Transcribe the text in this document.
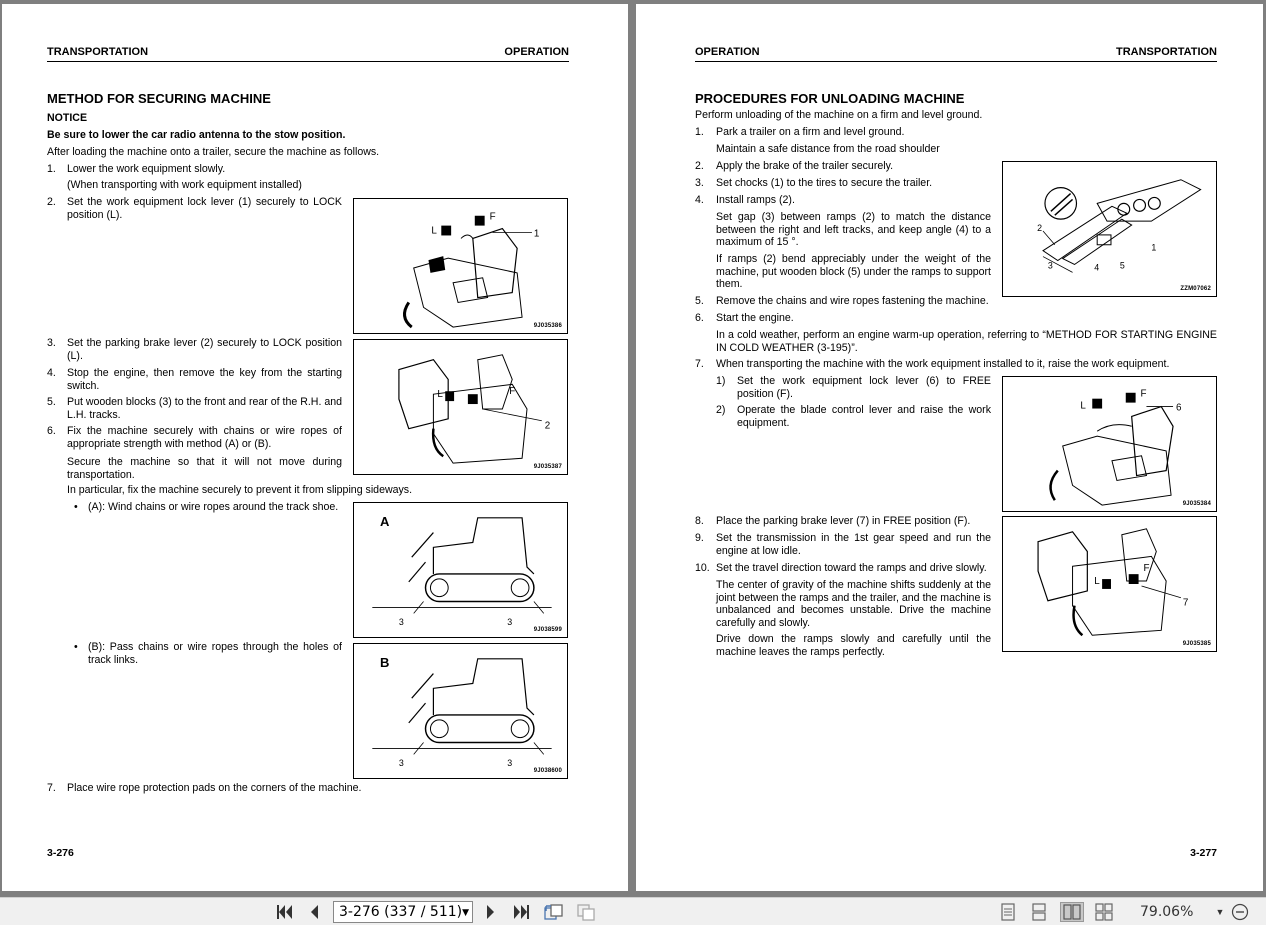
TRANSPORTATION	OPERATION
METHOD FOR SECURING MACHINE
NOTICE
Be sure to lower the car radio antenna to the stow position.
After loading the machine onto a trailer, secure the machine as follows.
1. Lower the work equipment slowly.
(When transporting with work equipment installed)
2. Set the work equipment lock lever (1) securely to LOCK position (L).
L
F
1
9J035386
3. Set the parking brake lever (2) securely to LOCK position (L).
4. Stop the engine, then remove the key from the starting switch.
5. Put wooden blocks (3) to the front and rear of the R.H. and L.H. tracks.
6. Fix the machine securely with chains or wire ropes of appropriate strength with method (A) or (B).
Secure the machine so that it will not move during transportation.
In particular, fix the machine securely to prevent it from slipping sideways.
L	F
2
9J035387
• (A): Wind chains or wire ropes around the track shoe.
A
3	3
9J038599
• (B): Pass chains or wire ropes through the holes of track links.	B
3	3
9J038600
7. Place wire rope protection pads on the corners of the machine.
3-276
OPERATION	TRANSPORTATION
PROCEDURES FOR UNLOADING MACHINE
Perform unloading of the machine on a firm and level ground.
1. Park a trailer on a firm and level ground.
Maintain a safe distance from the road shoulder
2. Apply the brake of the trailer securely.
3. Set chocks (1) to the tires to secure the trailer.
4. Install ramps (2).
Set gap (3) between ramps (2) to match the distance between the right and left tracks, and keep angle (4) to a maximum of 15 °.
If ramps (2) bend appreciably under the weight of the machine, put wooden block (5) under the ramps to support them.
2
3	4 5
1
ZZM07062
5. Remove the chains and wire ropes fastening the machine.
6. Start the engine.
In a cold weather, perform an engine warm-up operation, referring to “METHOD FOR STARTING ENGINE IN COLD WEATHER (3-195)”.
7. When transporting the machine with the work equipment installed to it, raise the work equipment.
1) Set the work equipment lock lever (6) to FREE position (F).
2) Operate the blade control lever and raise the work equipment.
L
F
6
9J035384
8. Place the parking brake lever (7) in FREE position (F).
9. Set the transmission in the 1st gear speed and run the engine at low idle.
10. Set the travel direction toward the ramps and drive slowly.
The center of gravity of the machine shifts suddenly at the joint between the ramps and the trailer, and the machine is unbalanced and becomes unstable. Drive the machine carefully and slowly.
Drive down the ramps slowly and carefully until the machine leaves the ramps perfectly.
L
F
7
9J035385
3-277
3-276 (337 / 511) ▼	79.06% ▼
